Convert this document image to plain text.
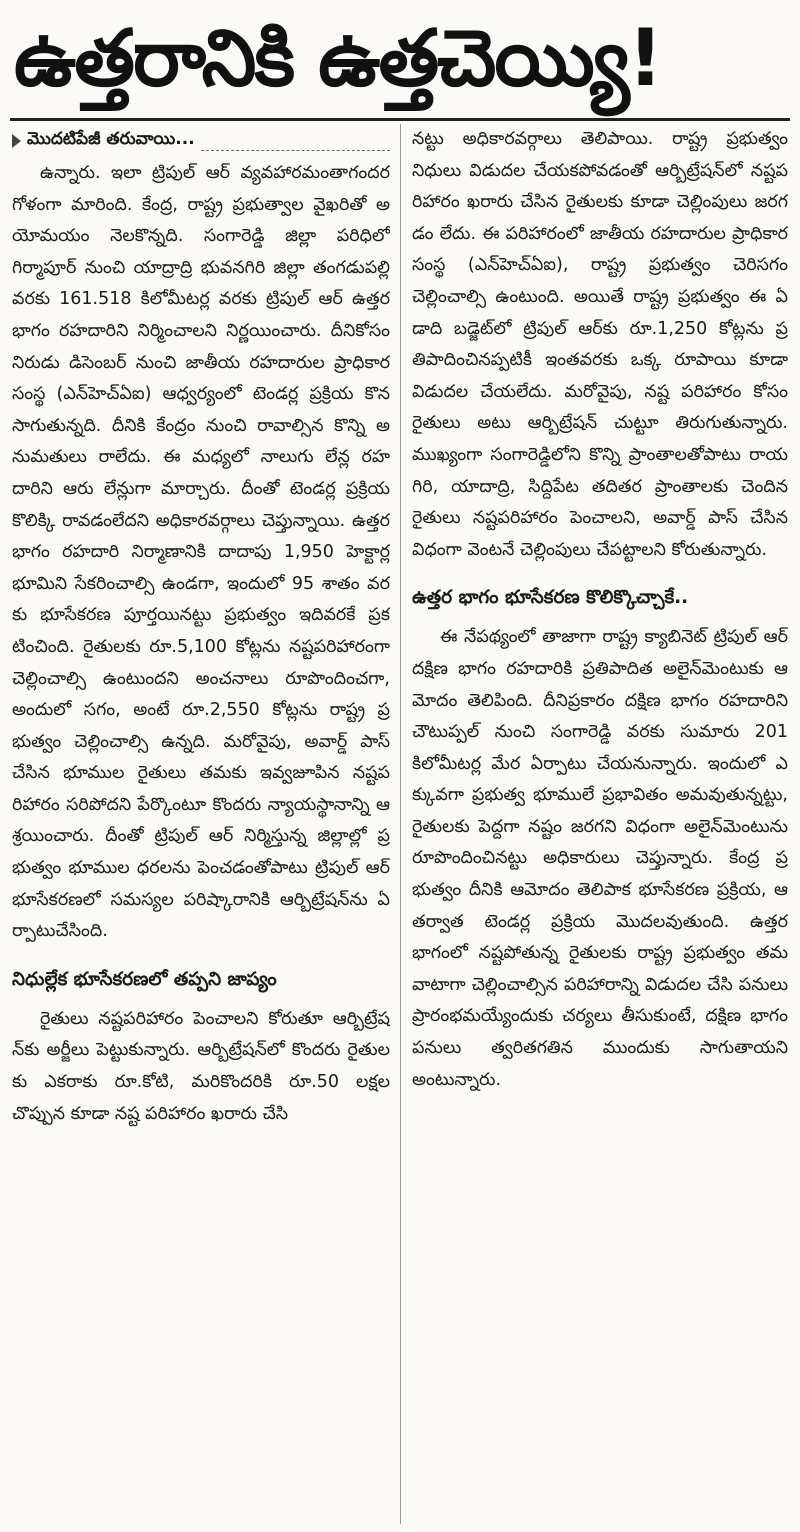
ఉత్తరానికి ఉత్తచెయ్యి!
మొదటిపేజీ తరువాయి...

ఉన్నారు. ఇలా ట్రిపుల్ ఆర్ వ్యవహారమంతాగందరగోళంగా మారింది. కేంద్ర, రాష్ట్ర ప్రభుత్వాల వైఖరితో అయోమయం నెలకొన్నది. సంగారెడ్డి జిల్లా పరిధిలో గిర్మాపూర్ నుంచి యాద్రాద్రి భువనగిరి జిల్లా తంగడుపల్లి వరకు 161.518 కిలోమీటర్ల వరకు ట్రిపుల్ ఆర్ ఉత్తర భాగం రహదారిని నిర్మించాలని నిర్ణయించారు. దీనికోసం నిరుడు డిసెంబర్ నుంచి జాతీయ రహదారుల ప్రాధికార సంస్థ (ఎన్‌హెచ్‌ఏఐ) ఆధ్వర్యంలో టెండర్ల ప్రక్రియ కొనసాగుతున్నది. దీనికి కేంద్రం నుంచి రావాల్సిన కొన్ని అనుమతులు రాలేదు. ఈ మధ్యలో నాలుగు లేన్ల రహదారిని ఆరు లేన్లుగా మార్చారు. దీంతో టెండర్ల ప్రక్రియ కొలిక్కి రావడంలేదని అధికారవర్గాలు చెప్తున్నాయి. ఉత్తరభాగం రహదారి నిర్మాణానికి దాదాపు 1,950 హెక్టార్ల భూమిని సేకరించాల్సి ఉండగా, ఇందులో 95 శాతం వరకు భూసేకరణ పూర్తయినట్టు ప్రభుత్వం ఇదివరకే ప్రకటించింది. రైతులకు రూ.5,100 కోట్లను నష్టపరిహారంగా చెల్లించాల్సి ఉంటుందని అంచనాలు రూపొందించగా, అందులో సగం, అంటే రూ.2,550 కోట్లను రాష్ట్ర ప్రభుత్వం చెల్లించాల్సి ఉన్నది. మరోవైపు, అవార్డ్ పాస్ చేసిన భూముల రైతులు తమకు ఇవ్వజూపిన నష్టపరిహారం సరిపోదని పేర్కొంటూ కొందరు న్యాయస్థానాన్ని ఆశ్రయించారు. దీంతో ట్రిపుల్ ఆర్ నిర్మిస్తున్న జిల్లాల్లో ప్రభుత్వం భూముల ధరలను పెంచడంతోపాటు ట్రిపుల్ ఆర్ భూసేకరణలో సమస్యల పరిష్కారానికి ఆర్బిట్రేషన్‌ను ఏర్పాటుచేసింది.

నిధుల్లేక భూసేకరణలో తప్పని జాప్యం

రైతులు నష్టపరిహారం పెంచాలని కోరుతూ ఆర్బిట్రేషన్‌కు అర్జీలు పెట్టుకున్నారు. ఆర్బిట్రేషన్‌లో కొందరు రైతులకు ఎకరాకు రూ.కోటి, మరికొందరికి రూ.50 లక్షల చొప్పున కూడా నష్ట పరిహారం ఖరారు చేసి

నట్టు అధికారవర్గాలు తెలిపాయి. రాష్ట్ర ప్రభుత్వం నిధులు విడుదల చేయకపోవడంతో ఆర్బిట్రేషన్‌లో నష్టపరిహారం ఖరారు చేసిన రైతులకు కూడా చెల్లింపులు జరగడం లేదు. ఈ పరిహారంలో జాతీయ రహదారుల ప్రాధికార సంస్థ (ఎన్‌హెచ్‌ఏఐ), రాష్ట్ర ప్రభుత్వం చెరిసగం చెల్లించాల్సి ఉంటుంది. అయితే రాష్ట్ర ప్రభుత్వం ఈ ఏడాది బడ్జెట్‌లో ట్రిపుల్ ఆర్‌కు రూ.1,250 కోట్లను ప్రతిపాదించినప్పటికీ ఇంతవరకు ఒక్క రూపాయి కూడా విడుదల చేయలేదు. మరోవైపు, నష్ట పరిహారం కోసం రైతులు అటు ఆర్బిట్రేషన్ చుట్టూ తిరుగుతున్నారు. ముఖ్యంగా సంగారెడ్డిలోని కొన్ని ప్రాంతాలతోపాటు రాయగిరి, యాదాద్రి, సిద్దిపేట తదితర ప్రాంతాలకు చెందిన రైతులు నష్టపరిహారం పెంచాలని, అవార్డ్ పాస్ చేసిన విధంగా వెంటనే చెల్లింపులు చేపట్టాలని కోరుతున్నారు.

ఉత్తర భాగం భూసేకరణ కొలిక్కొచ్చాకే..

ఈ నేపథ్యంలో తాజాగా రాష్ట్ర క్యాబినెట్ ట్రిపుల్ ఆర్ దక్షిణ భాగం రహదారికి ప్రతిపాదిత అలైన్‌మెంటుకు ఆమోదం తెలిపింది. దీనిప్రకారం దక్షిణ భాగం రహదారిని చౌటుప్పల్ నుంచి సంగారెడ్డి వరకు సుమారు 201 కిలోమీటర్ల మేర ఏర్పాటు చేయనున్నారు. ఇందులో ఎక్కువగా ప్రభుత్వ భూములే ప్రభావితం అమవుతున్నట్టు, రైతులకు పెద్దగా నష్టం జరగని విధంగా అలైన్‌మెంటును రూపొందించినట్టు అధికారులు చెప్తున్నారు. కేంద్ర ప్రభుత్వం దీనికి ఆమోదం తెలిపాక భూసేకరణ ప్రక్రియ, ఆ తర్వాత టెండర్ల ప్రక్రియ మొదలవుతుంది. ఉత్తర భాగంలో నష్టపోతున్న రైతులకు రాష్ట్ర ప్రభుత్వం తమ వాటాగా చెల్లించాల్సిన పరిహారాన్ని విడుదల చేసి పనులు ప్రారంభమయ్యేందుకు చర్యలు తీసుకుంటే, దక్షిణ భాగం పనులు త్వరితగతిన ముందుకు సాగుతాయని అంటున్నారు.
